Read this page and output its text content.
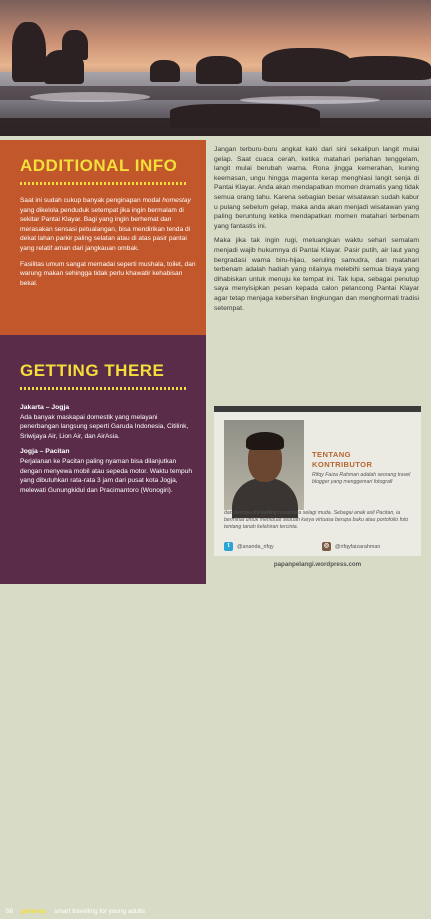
ADDITIONAL INFO

Saat ini sudah cukup banyak penginapan modal homestay yang dikelola penduduk setempat jika ingin bermalam di sekitar Pantai Klayar. Bagi yang ingin berhemat dan merasakan sensasi petualangan, bisa mendirikan tenda di dekat lahan parkir paling selatan atau di atas pasir pantai yang relatif aman dari jangkauan ombak.

Fasilitas umum sangat memadai seperti mushala, toilet, dan warung makan sehingga tidak perlu khawatir kehabisan bekal.

GETTING THERE

Jakarta – Jogja
Ada banyak maskapai domestik yang melayani penerbangan langsung seperti Garuda Indonesia, Citilink, Sriwijaya Air, Lion Air, dan AirAsia.

Jogja – Pacitan
Perjalanan ke Pacitan paling nyaman bisa dilanjutkan dengan menyewa mobil atau sepeda motor. Waktu tempuh yang dibutuhkan rata-rata 3 jam dari pusat kota Jogja, melewati Gunungkidul dan Pracimantoro (Wonogiri).

56 getaway smart travelling for young adults

Jangan terburu-buru angkat kaki dari sini sekalipun langit mulai gelap. Saat cuaca cerah, ketika matahari perlahan tenggelam, langit mulai berubah warna. Rona jingga kemerahan, kuning keemasan, ungu hingga magenta kerap menghiasi langit senja di Pantai Klayar. Anda akan mendapatkan momen dramatis yang tidak semua orang tahu. Karena sebagian besar wisatawan sudah kabur u pulang sebelum gelap, maka anda akan menjadi wisatawan yang paling beruntung ketika mendapatkan momen matahari terbenam yang fantastis ini.

Maka jika tak ingin rugi, meluangkan waktu sehari semalam menjadi wajib hukumnya di Pantai Klayar. Pasir putih, air laut yang bergradasi warna biru-hijau, seruling samudra, dan matahari terbenam adalah hadiah yang nilainya melebihi semua biaya yang dihabiskan untuk menuju ke tempat ini. Tak lupa, sebagai penutup saya menyisipkan pesan kepada calon pelancong Pantai Klayar agar tetap menjaga kebersihan lingkungan dan menghormati tradisi setempat.

TENTANG
KONTRIBUTOR
Rifqy Faiza Rahman adalah seorang travel blogger yang menggemari fotografi
dan bercita-cita keliling nusantara selagi muda. Sebagai anak asli Pacitan, ia berminat untuk membuat sebuah karya virtuasa berupa buku atau portofolio foto tentang tanah kelahiran tercinta.
t	@ananda_rifqy	◎	@rifqyfaizarahman
papanpelangi.wordpress.com
